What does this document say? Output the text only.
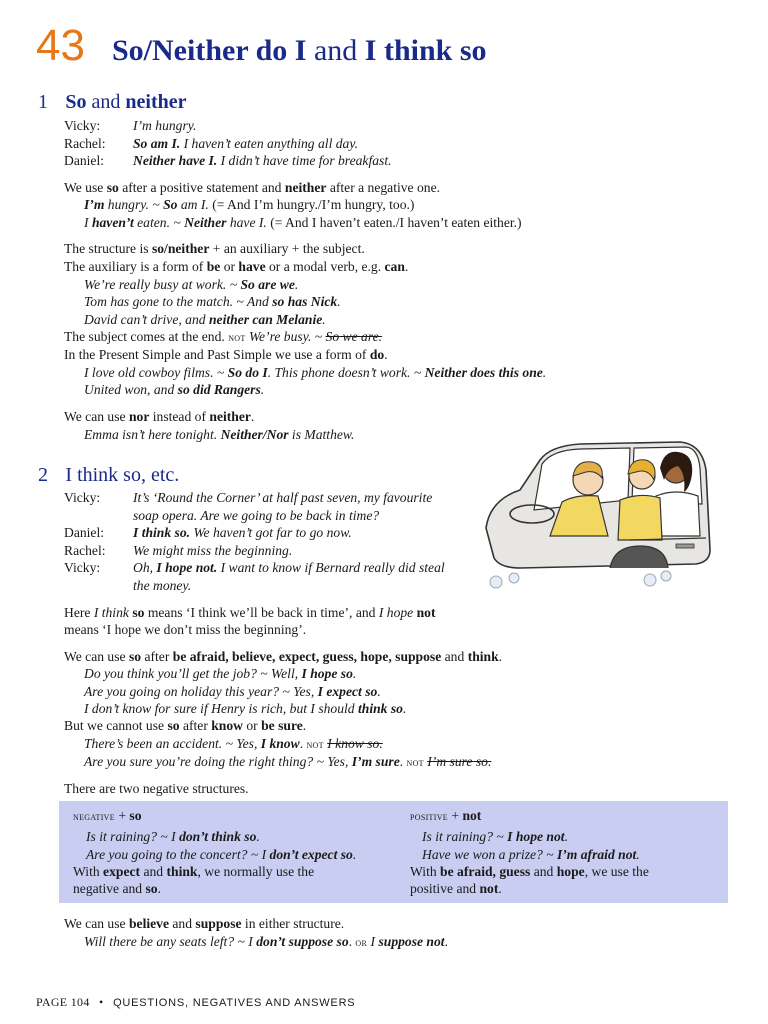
43 So/Neither do I and I think so
1 So and neither
Vicky: I’m hungry.
Rachel: So am I. I haven’t eaten anything all day.
Daniel: Neither have I. I didn’t have time for breakfast.
We use so after a positive statement and neither after a negative one.
I’m hungry. ~ So am I. (= And I’m hungry./I’m hungry, too.)
I haven’t eaten. ~ Neither have I. (= And I haven’t eaten./I haven’t eaten either.)
The structure is so/neither + an auxiliary + the subject.
The auxiliary is a form of be or have or a modal verb, e.g. can.
We’re really busy at work. ~ So are we.
Tom has gone to the match. ~ And so has Nick.
David can’t drive, and neither can Melanie.
The subject comes at the end. not We’re busy. ~ So we are.
In the Present Simple and Past Simple we use a form of do.
I love old cowboy films. ~ So do I. This phone doesn’t work. ~ Neither does this one.
United won, and so did Rangers.
We can use nor instead of neither.
Emma isn’t here tonight. Neither/Nor is Matthew.
2 I think so, etc.
Vicky: It’s ‘Round the Corner’ at half past seven, my favourite
soap opera. Are we going to be back in time?
Daniel: I think so. We haven’t got far to go now.
Rachel: We might miss the beginning.
Vicky: Oh, I hope not. I want to know if Bernard really did steal
the money.
Here I think so means ‘I think we’ll be back in time’, and I hope not
means ‘I hope we don’t miss the beginning’.
We can use so after be afraid, believe, expect, guess, hope, suppose and think.
Do you think you’ll get the job? ~ Well, I hope so.
Are you going on holiday this year? ~ Yes, I expect so.
I don’t know for sure if Henry is rich, but I should think so.
But we cannot use so after know or be sure.
There’s been an accident. ~ Yes, I know. not I know so.
Are you sure you’re doing the right thing? ~ Yes, I’m sure. not I’m sure so.
There are two negative structures.
negative + so
Is it raining? ~ I don’t think so.
Are you going to the concert? ~ I don’t expect so.
With expect and think, we normally use the
negative and so.
positive + not
Is it raining? ~ I hope not.
Have we won a prize? ~ I’m afraid not.
With be afraid, guess and hope, we use the
positive and not.
We can use believe and suppose in either structure.
Will there be any seats left? ~ I don’t suppose so. or I suppose not.
PAGE 104 • QUESTIONS, NEGATIVES AND ANSWERS
